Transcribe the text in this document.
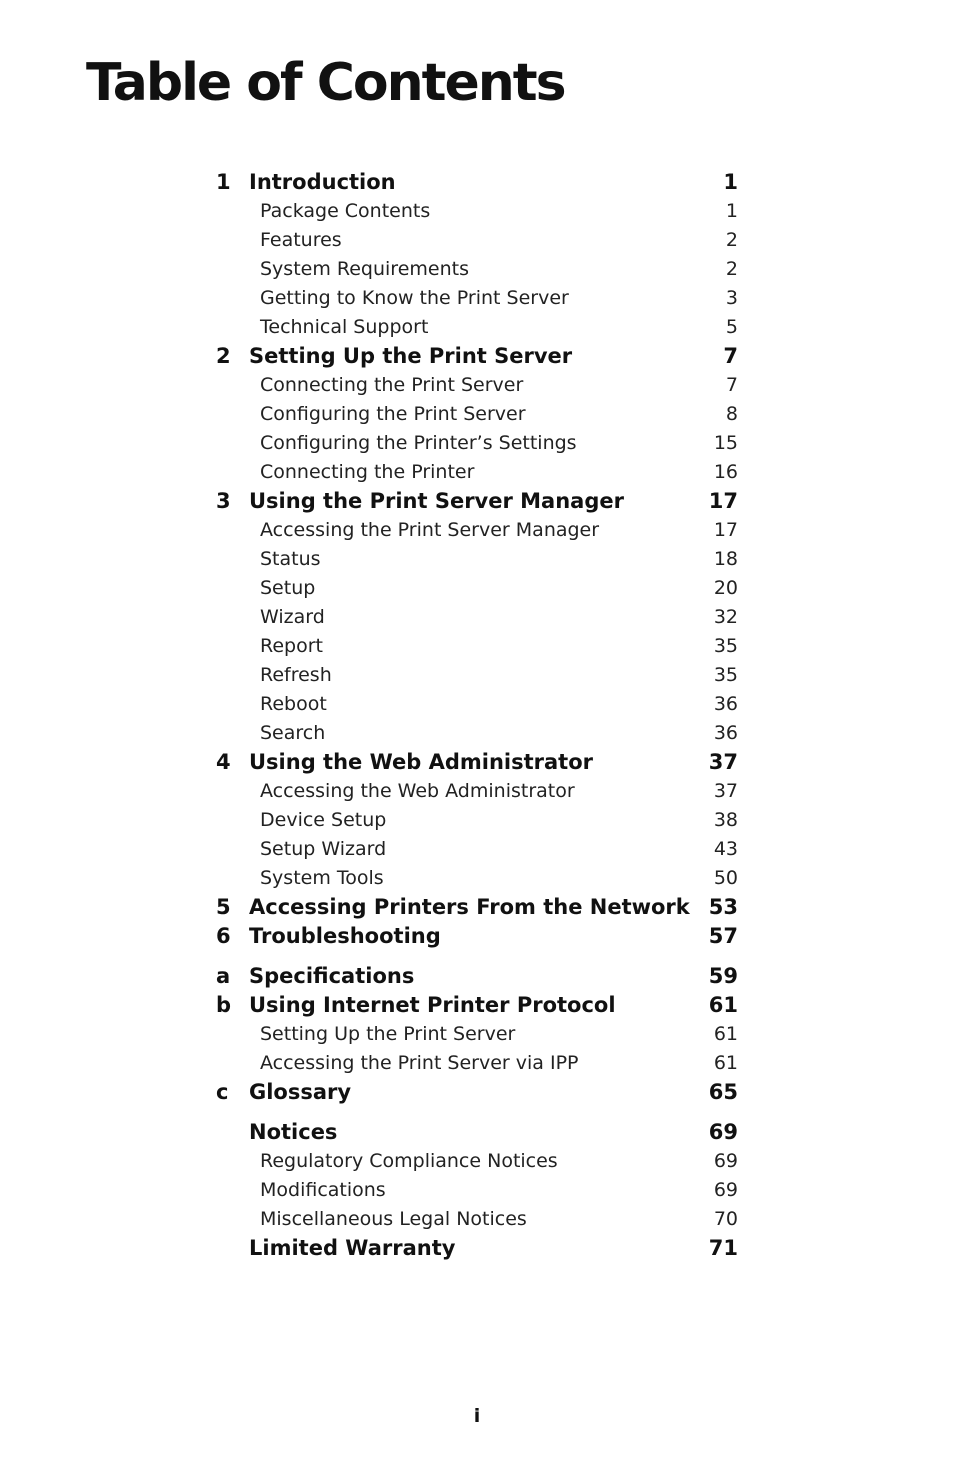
Table of Contents
1 Introduction	1
Package Contents	1
Features	2
System Requirements	2
Getting to Know the Print Server	3
Technical Support	5
2 Setting Up the Print Server	7
Connecting the Print Server	7
Configuring the Print Server	8
Configuring the Printer’s Settings	15
Connecting the Printer	16
3 Using the Print Server Manager	17
Accessing the Print Server Manager	17
Status	18
Setup	20
Wizard	32
Report	35
Refresh	35
Reboot	36
Search	36
4 Using the Web Administrator	37
Accessing the Web Administrator	37
Device Setup	38
Setup Wizard	43
System Tools	50
5 Accessing Printers From the Network 53
6 Troubleshooting	57
a Specifications	59
b Using Internet Printer Protocol	61
Setting Up the Print Server	61
Accessing the Print Server via IPP	61
c Glossary	65
Notices	69
Regulatory Compliance Notices	69
Modifications	69
Miscellaneous Legal Notices	70
Limited Warranty	71
i
